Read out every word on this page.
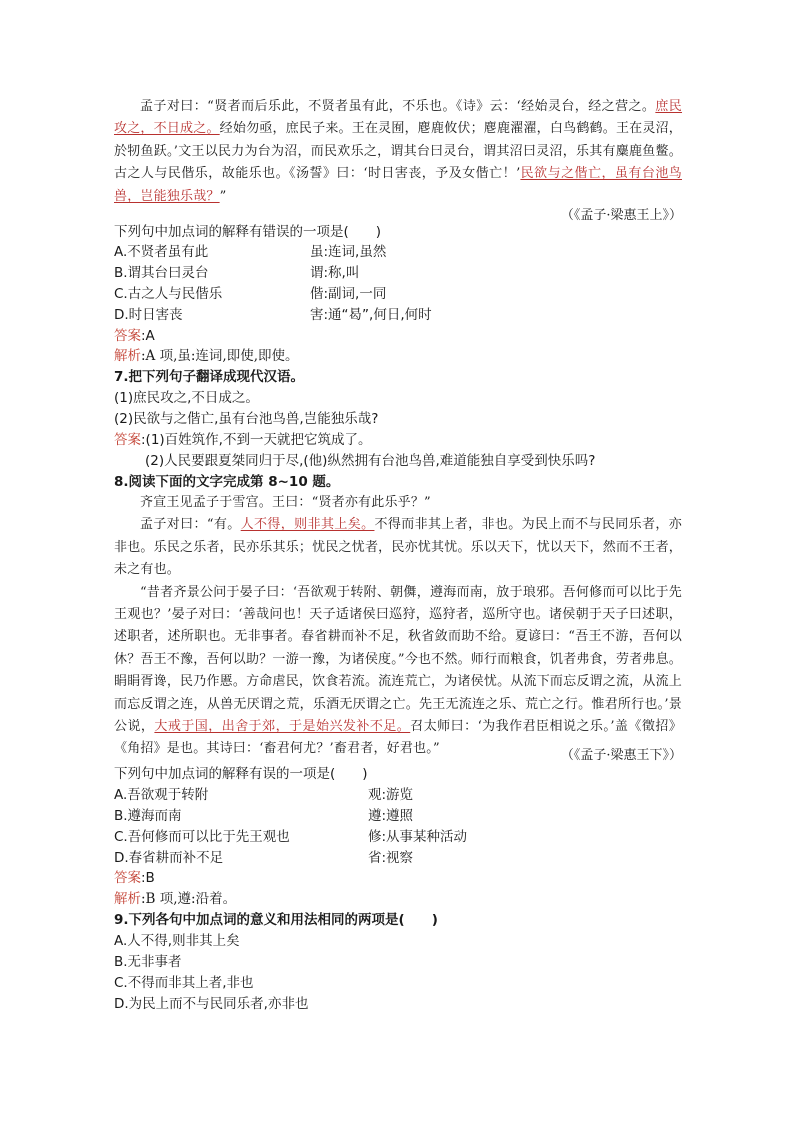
孟子对曰：“贤者而后乐此，不贤者虽有此，不乐也。《诗》云：‘经始灵台，经之营之。庶民攻之，不日成之。经始勿亟，庶民子来。王在灵囿，麀鹿攸伏；麀鹿濯濯，白鸟鹤鹤。王在灵沼，於牣鱼跃。’文王以民力为台为沼，而民欢乐之，谓其台曰灵台，谓其沼曰灵沼，乐其有麋鹿鱼鳖。古之人与民偕乐，故能乐也。《汤誓》曰：‘时日害丧，予及女偕亡！’民欲与之偕亡，虽有台池鸟兽，岂能独乐哉？”

（《孟子·梁惠王上》）
下列句中加点词的解释有错误的一项是(　　)
A.不贤者虽有此	虽:连词,虽然
B.谓其台曰灵台	谓:称,叫
C.古之人与民偕乐	偕:副词,一同
D.时日害丧	害:通“曷”,何日,何时
答案:A
解析:A 项,虽:连词,即使,即使。
7.把下列句子翻译成现代汉语。
(1)庶民攻之,不日成之。
(2)民欲与之偕亡,虽有台池鸟兽,岂能独乐哉?
答案:(1)百姓筑作,不到一天就把它筑成了。
(2)人民要跟夏桀同归于尽,(他)纵然拥有台池鸟兽,难道能独自享受到快乐吗?
8.阅读下面的文字完成第 8~10 题。

齐宣王见孟子于雪宫。王曰：“贤者亦有此乐乎？”

孟子对曰：“有。人不得，则非其上矣。不得而非其上者，非也。为民上而不与民同乐者，亦非也。乐民之乐者，民亦乐其乐；忧民之忧者，民亦忧其忧。乐以天下，忧以天下，然而不王者，未之有也。

“昔者齐景公问于晏子曰：‘吾欲观于转附、朝儛，遵海而南，放于琅邪。吾何修而可以比于先王观也？’晏子对曰：‘善哉问也！天子适诸侯曰巡狩，巡狩者，巡所守也。诸侯朝于天子曰述职，述职者，述所职也。无非事者。春省耕而补不足，秋省敛而助不给。夏谚曰：“吾王不游，吾何以休？吾王不豫，吾何以助？一游一豫，为诸侯度。”今也不然。师行而粮食，饥者弗食，劳者弗息。睊睊胥谗，民乃作慝。方命虐民，饮食若流。流连荒亡，为诸侯忧。从流下而忘反谓之流，从流上而忘反谓之连，从兽无厌谓之荒，乐酒无厌谓之亡。先王无流连之乐、荒亡之行。惟君所行也。’景公说，大戒于国，出舍于郊，于是始兴发补不足。召太师曰：‘为我作君臣相说之乐。’盖《徵招》《角招》是也。其诗曰：‘畜君何尤？’畜君者，好君也。”	（《孟子·梁惠王下》）
下列句中加点词的解释有误的一项是(　　)
A.吾欲观于转附	观:游览
B.遵海而南	遵:遵照
C.吾何修而可以比于先王观也	修:从事某种活动
D.春省耕而补不足	省:视察
答案:B
解析:B 项,遵:沿着。
9.下列各句中加点词的意义和用法相同的两项是(　　)
A.人不得,则非其上矣
B.无非事者
C.不得而非其上者,非也
D.为民上而不与民同乐者,亦非也
